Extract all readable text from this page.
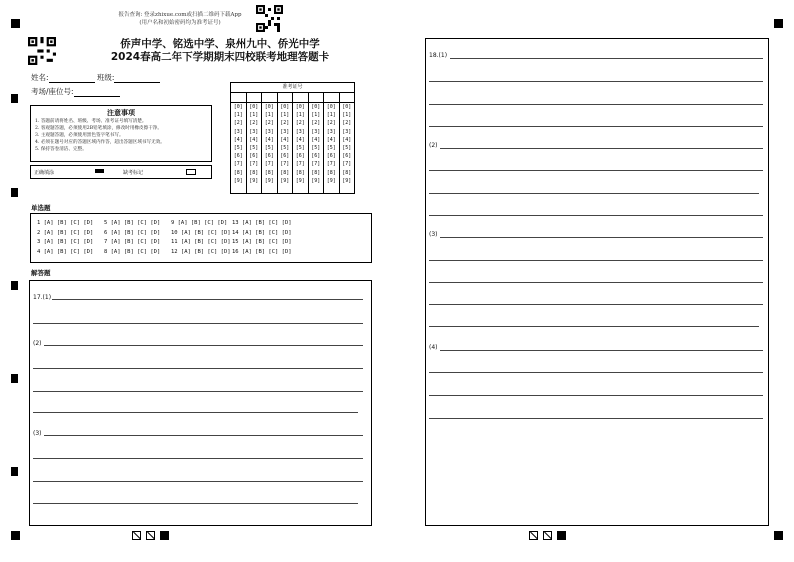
报告查询: 登录zhixue.com或扫描二维码下载App
(用户名和初始密码均为准考证号)
侨声中学、铭选中学、泉州九中、侨光中学
2024春高二年下学期期末四校联考地理答题卡
姓名:	班级:
考场/座位号:
注意事项
1. 答题前请将姓名、班级、考场、准考证号填写清楚。
2. 客观题答题，必须使用2B铅笔填涂，修改时用橡皮擦干净。
3. 主观题答题，必须使用黑色签字笔书写。
4. 必须在题号对应的答题区域内作答，超出答题区域书写无效。
5. 保持答卷清洁、完整。
正确填涂	缺考标记
准考证号
[0]
[1]
[2]
[3]
[4]
[5]
[6]
[7]
[8]
[9]
[0]
[1]
[2]
[3]
[4]
[5]
[6]
[7]
[8]
[9]
[0]
[1]
[2]
[3]
[4]
[5]
[6]
[7]
[8]
[9]
[0]
[1]
[2]
[3]
[4]
[5]
[6]
[7]
[8]
[9]
[0]
[1]
[2]
[3]
[4]
[5]
[6]
[7]
[8]
[9]
[0]
[1]
[2]
[3]
[4]
[5]
[6]
[7]
[8]
[9]
[0]
[1]
[2]
[3]
[4]
[5]
[6]
[7]
[8]
[9]
[0]
[1]
[2]
[3]
[4]
[5]
[6]
[7]
[8]
[9]
单选题
1 [A] [B] [C] [D] 5 [A] [B] [C] [D] 9 [A] [B] [C] [D] 13 [A] [B] [C] [D]
2 [A] [B] [C] [D] 6 [A] [B] [C] [D] 10 [A] [B] [C] [D] 14 [A] [B] [C] [D]
3 [A] [B] [C] [D] 7 [A] [B] [C] [D] 11 [A] [B] [C] [D] 15 [A] [B] [C] [D]
4 [A] [B] [C] [D] 8 [A] [B] [C] [D] 12 [A] [B] [C] [D] 16 [A] [B] [C] [D]
解答题
17.(1)
(2)
(3)
18.(1)
(2)
(3)
(4)
